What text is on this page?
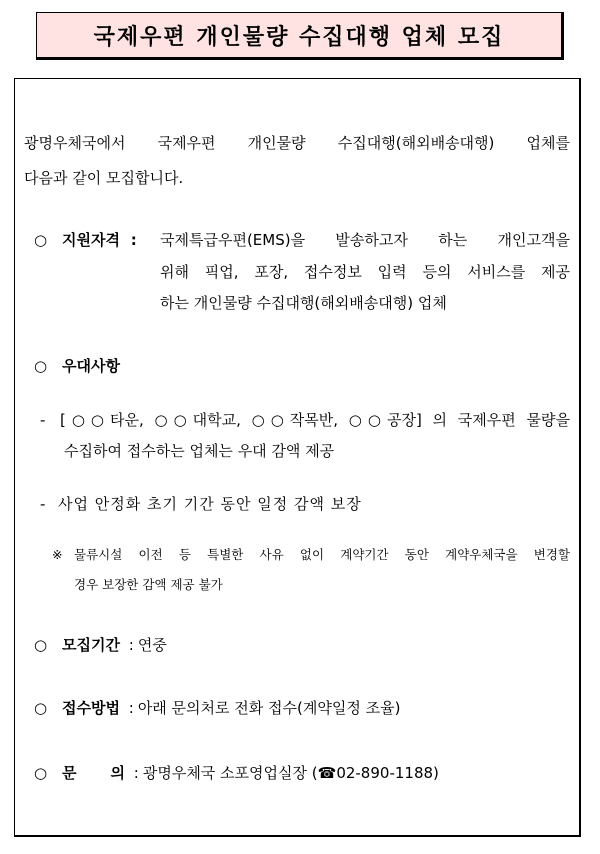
국제우편 개인물량 수집대행 업체 모집
광명우체국에서 국제우편 개인물량 수집대행(해외배송대행) 업체를
다음과 같이 모집합니다.
○ 지원자격 :	국제특급우편(EMS)을 발송하고자 하는 개인고객을
위해 픽업, 포장, 접수정보 입력 등의 서비스를 제공
하는 개인물량 수집대행(해외배송대행) 업체
○ 우대사항
- [○○타운, ○○대학교, ○○작목반, ○○공장] 의 국제우편 물량을
수집하여 접수하는 업체는 우대 감액 제공
- 사업 안정화 초기 기간 동안 일정 감액 보장
※ 물류시설 이전 등 특별한 사유 없이 계약기간 동안 계약우체국을 변경할
경우 보장한 감액 제공 불가
○ 모집기간 : 연중
○ 접수방법 : 아래 문의처로 전화 접수(계약일정 조율)
○ 문 의 : 광명우체국 소포영업실장 (☎02-890-1188)
